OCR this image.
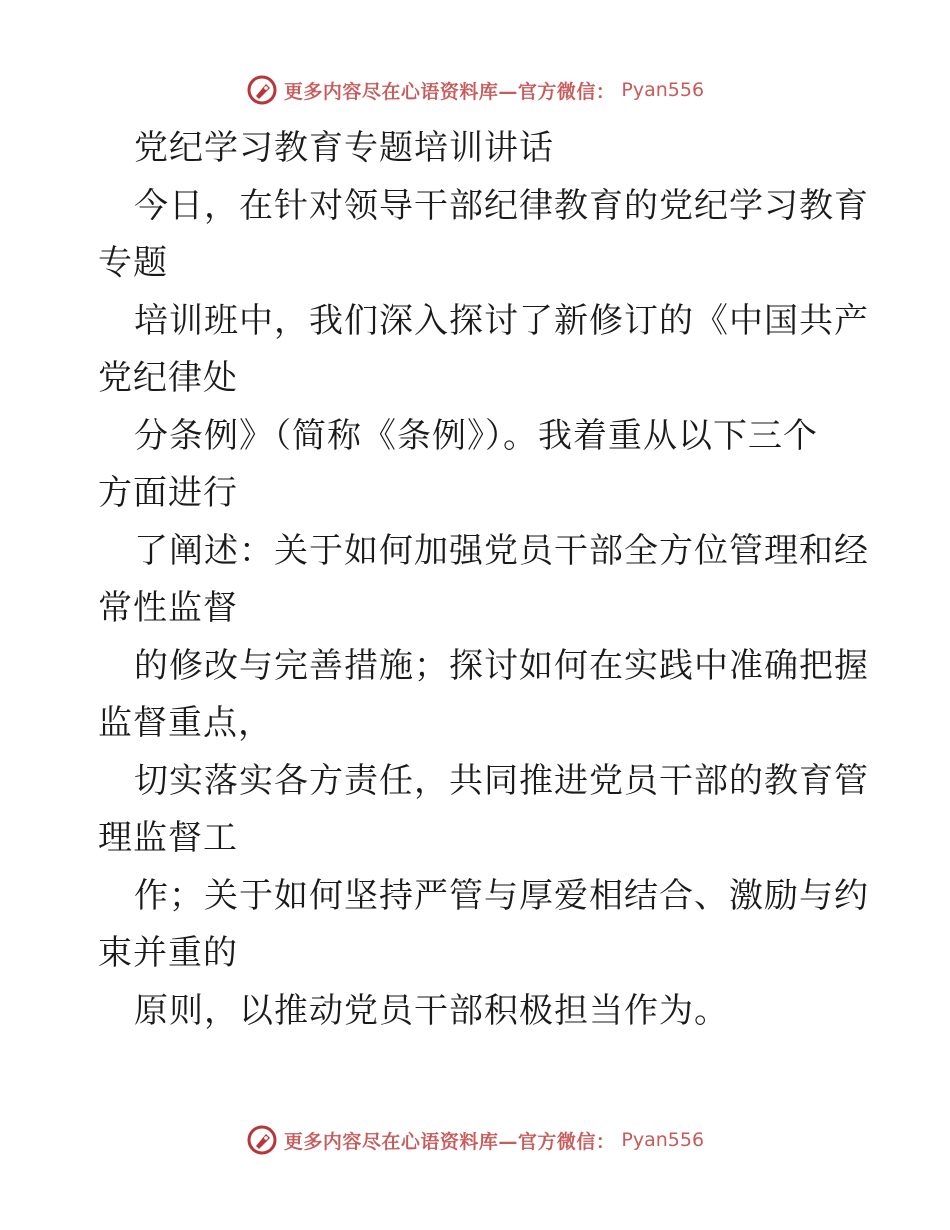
更多内容尽在心语资料库—官方微信： Pyan556
党纪学习教育专题培训讲话
今日，在针对领导干部纪律教育的党纪学习教育
专题
培训班中，我们深入探讨了新修订的《中国共产
党纪律处
分条例》（简称《条例》）。我着重从以下三个
方面进行
了阐述：关于如何加强党员干部全方位管理和经
常性监督
的修改与完善措施；探讨如何在实践中准确把握
监督重点，
切实落实各方责任，共同推进党员干部的教育管
理监督工
作；关于如何坚持严管与厚爱相结合、激励与约
束并重的
原则，以推动党员干部积极担当作为。
更多内容尽在心语资料库—官方微信： Pyan556
